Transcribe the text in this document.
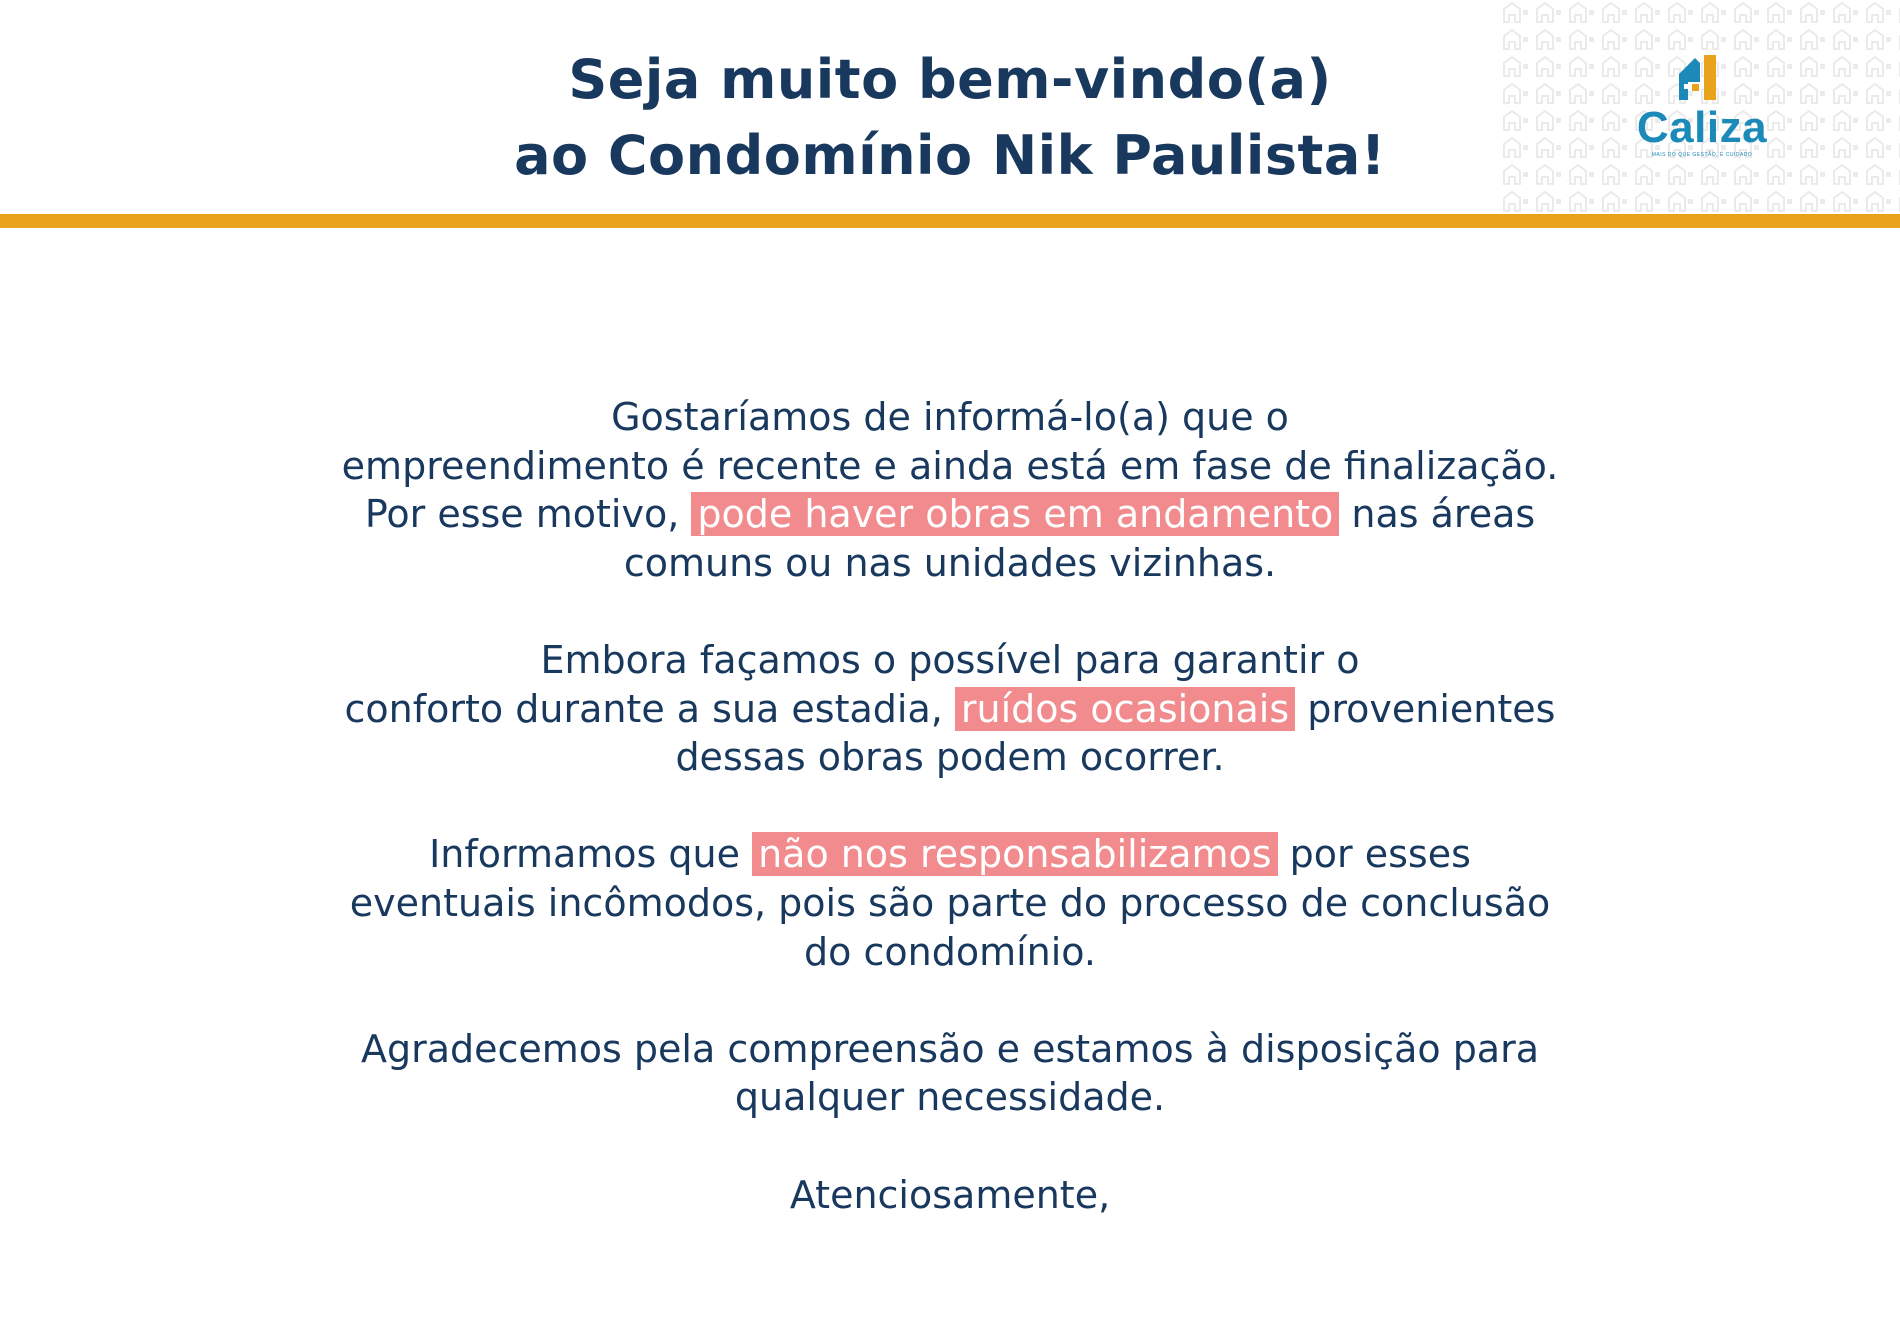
Seja muito bem-vindo(a)
ao Condomínio Nik Paulista!	Caliza
MAIS DO QUE GESTÃO, É CUIDADO
Gostaríamos de informá-lo(a) que o
empreendimento é recente e ainda está em fase de finalização.
Por esse motivo, pode haver obras em andamento nas áreas
comuns ou nas unidades vizinhas.
Embora façamos o possível para garantir o
conforto durante a sua estadia, ruídos ocasionais provenientes
dessas obras podem ocorrer.
Informamos que não nos responsabilizamos por esses
eventuais incômodos, pois são parte do processo de conclusão
do condomínio.
Agradecemos pela compreensão e estamos à disposição para
qualquer necessidade.
Atenciosamente,
